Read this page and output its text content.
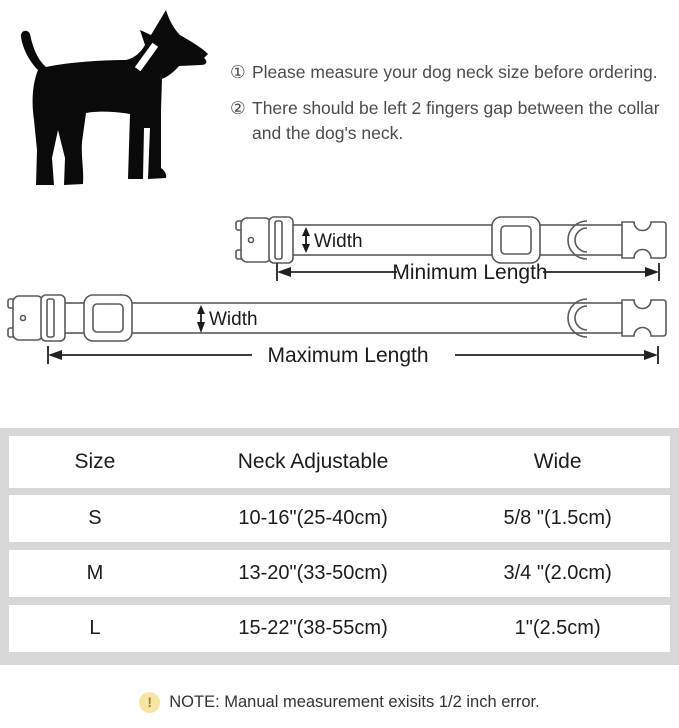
① Please measure your dog neck size before ordering.
② There should be left 2 fingers gap between the collar and the dog's neck.
Width
Minimum Length
Width
Maximum Length
Size	Neck Adjustable	Wide
S	10-16"(25-40cm)	5/8 "(1.5cm)
M	13-20"(33-50cm)	3/4 "(2.0cm)
L	15-22"(38-55cm)	1"(2.5cm)
!	NOTE: Manual measurement exisits 1/2 inch error.
